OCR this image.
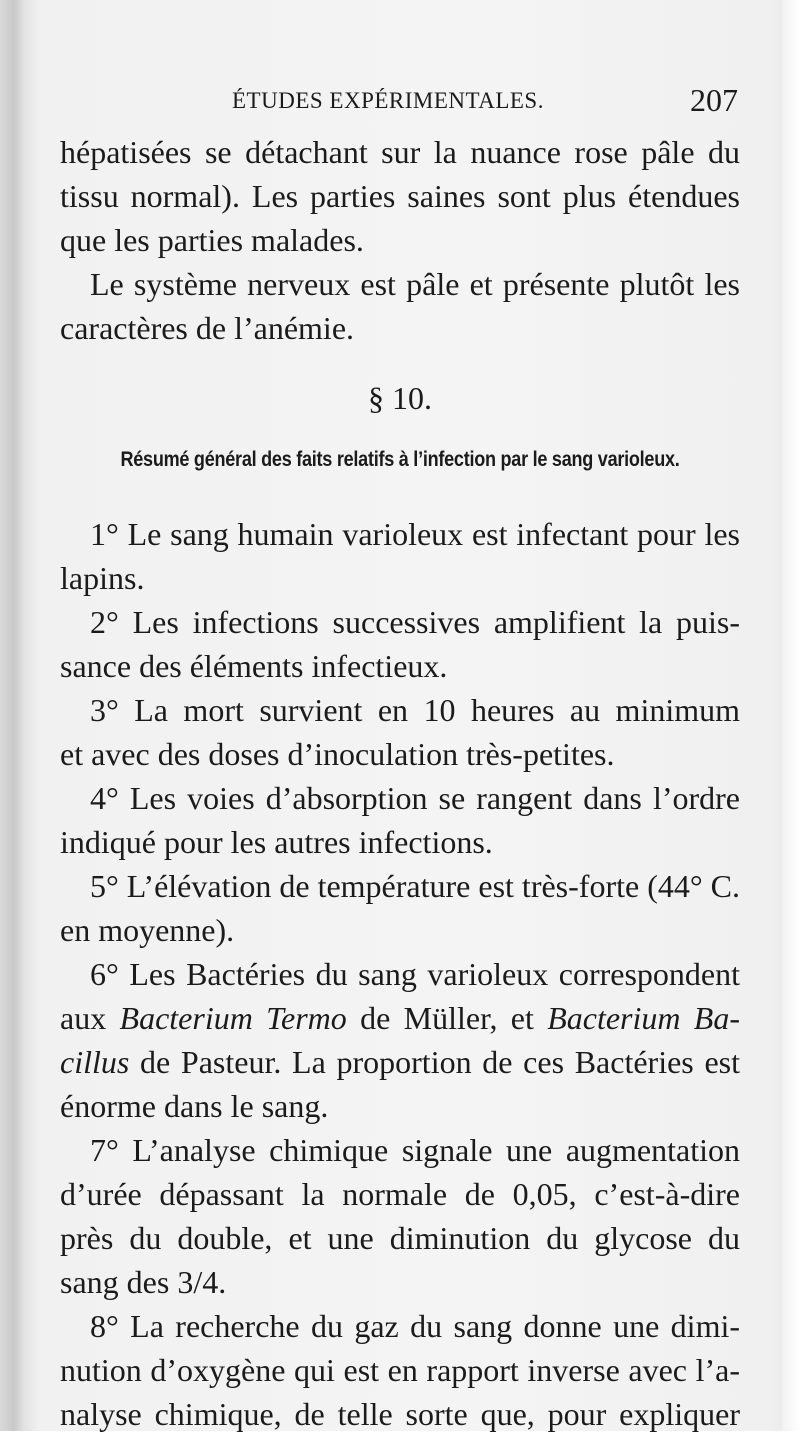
ÉTUDES EXPÉRIMENTALES.	207
hépatisées se détachant sur la nuance rose pâle du
tissu normal). Les parties saines sont plus étendues
que les parties malades.
Le système nerveux est pâle et présente plutôt les
caractères de l’anémie.
§ 10.
Résumé général des faits relatifs à l’infection par le sang varioleux.
1° Le sang humain varioleux est infectant pour les
lapins.
2° Les infections successives amplifient la puis-
sance des éléments infectieux.
3° La mort survient en 10 heures au minimum
et avec des doses d’inoculation très-petites.
4° Les voies d’absorption se rangent dans l’ordre
indiqué pour les autres infections.
5° L’élévation de température est très-forte (44° C.
en moyenne).
6° Les Bactéries du sang varioleux correspondent
aux Bacterium Termo de Müller, et Bacterium Ba-
cillus de Pasteur. La proportion de ces Bactéries est
énorme dans le sang.
7° L’analyse chimique signale une augmentation
d’urée dépassant la normale de 0,05, c’est-à-dire
près du double, et une diminution du glycose du
sang des 3/4.
8° La recherche du gaz du sang donne une dimi-
nution d’oxygène qui est en rapport inverse avec l’a-
nalyse chimique, de telle sorte que, pour expliquer
